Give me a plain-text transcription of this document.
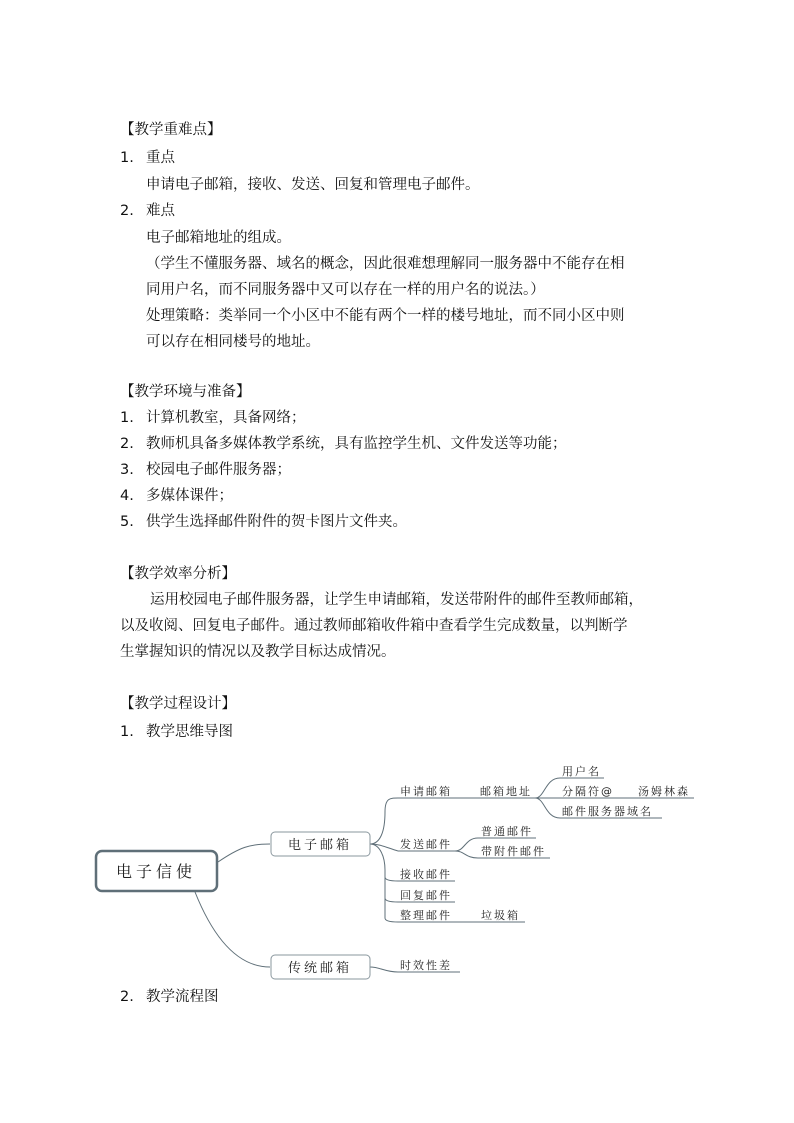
【教学重难点】
1. 重点
申请电子邮箱，接收、发送、回复和管理电子邮件。
2. 难点
电子邮箱地址的组成。
（学生不懂服务器、域名的概念，因此很难想理解同一服务器中不能存在相
同用户名，而不同服务器中又可以存在一样的用户名的说法。）
处理策略：类举同一个小区中不能有两个一样的楼号地址，而不同小区中则
可以存在相同楼号的地址。
【教学环境与准备】
1. 计算机教室，具备网络；
2. 教师机具备多媒体教学系统，具有监控学生机、文件发送等功能；
3. 校园电子邮件服务器；
4. 多媒体课件；
5. 供学生选择邮件附件的贺卡图片文件夹。
【教学效率分析】
运用校园电子邮件服务器，让学生申请邮箱，发送带附件的邮件至教师邮箱，
以及收阅、回复电子邮件。通过教师邮箱收件箱中查看学生完成数量，以判断学
生掌握知识的情况以及教学目标达成情况。
【教学过程设计】
1. 教学思维导图
电子信使
电子邮箱
传统邮箱
申请邮箱
发送邮件
接收邮件
回复邮件
整理邮件
时效性差
邮箱地址
普通邮件
带附件邮件
垃圾箱
用户名
分隔符@ 汤姆林森
邮件服务器域名
2. 教学流程图
